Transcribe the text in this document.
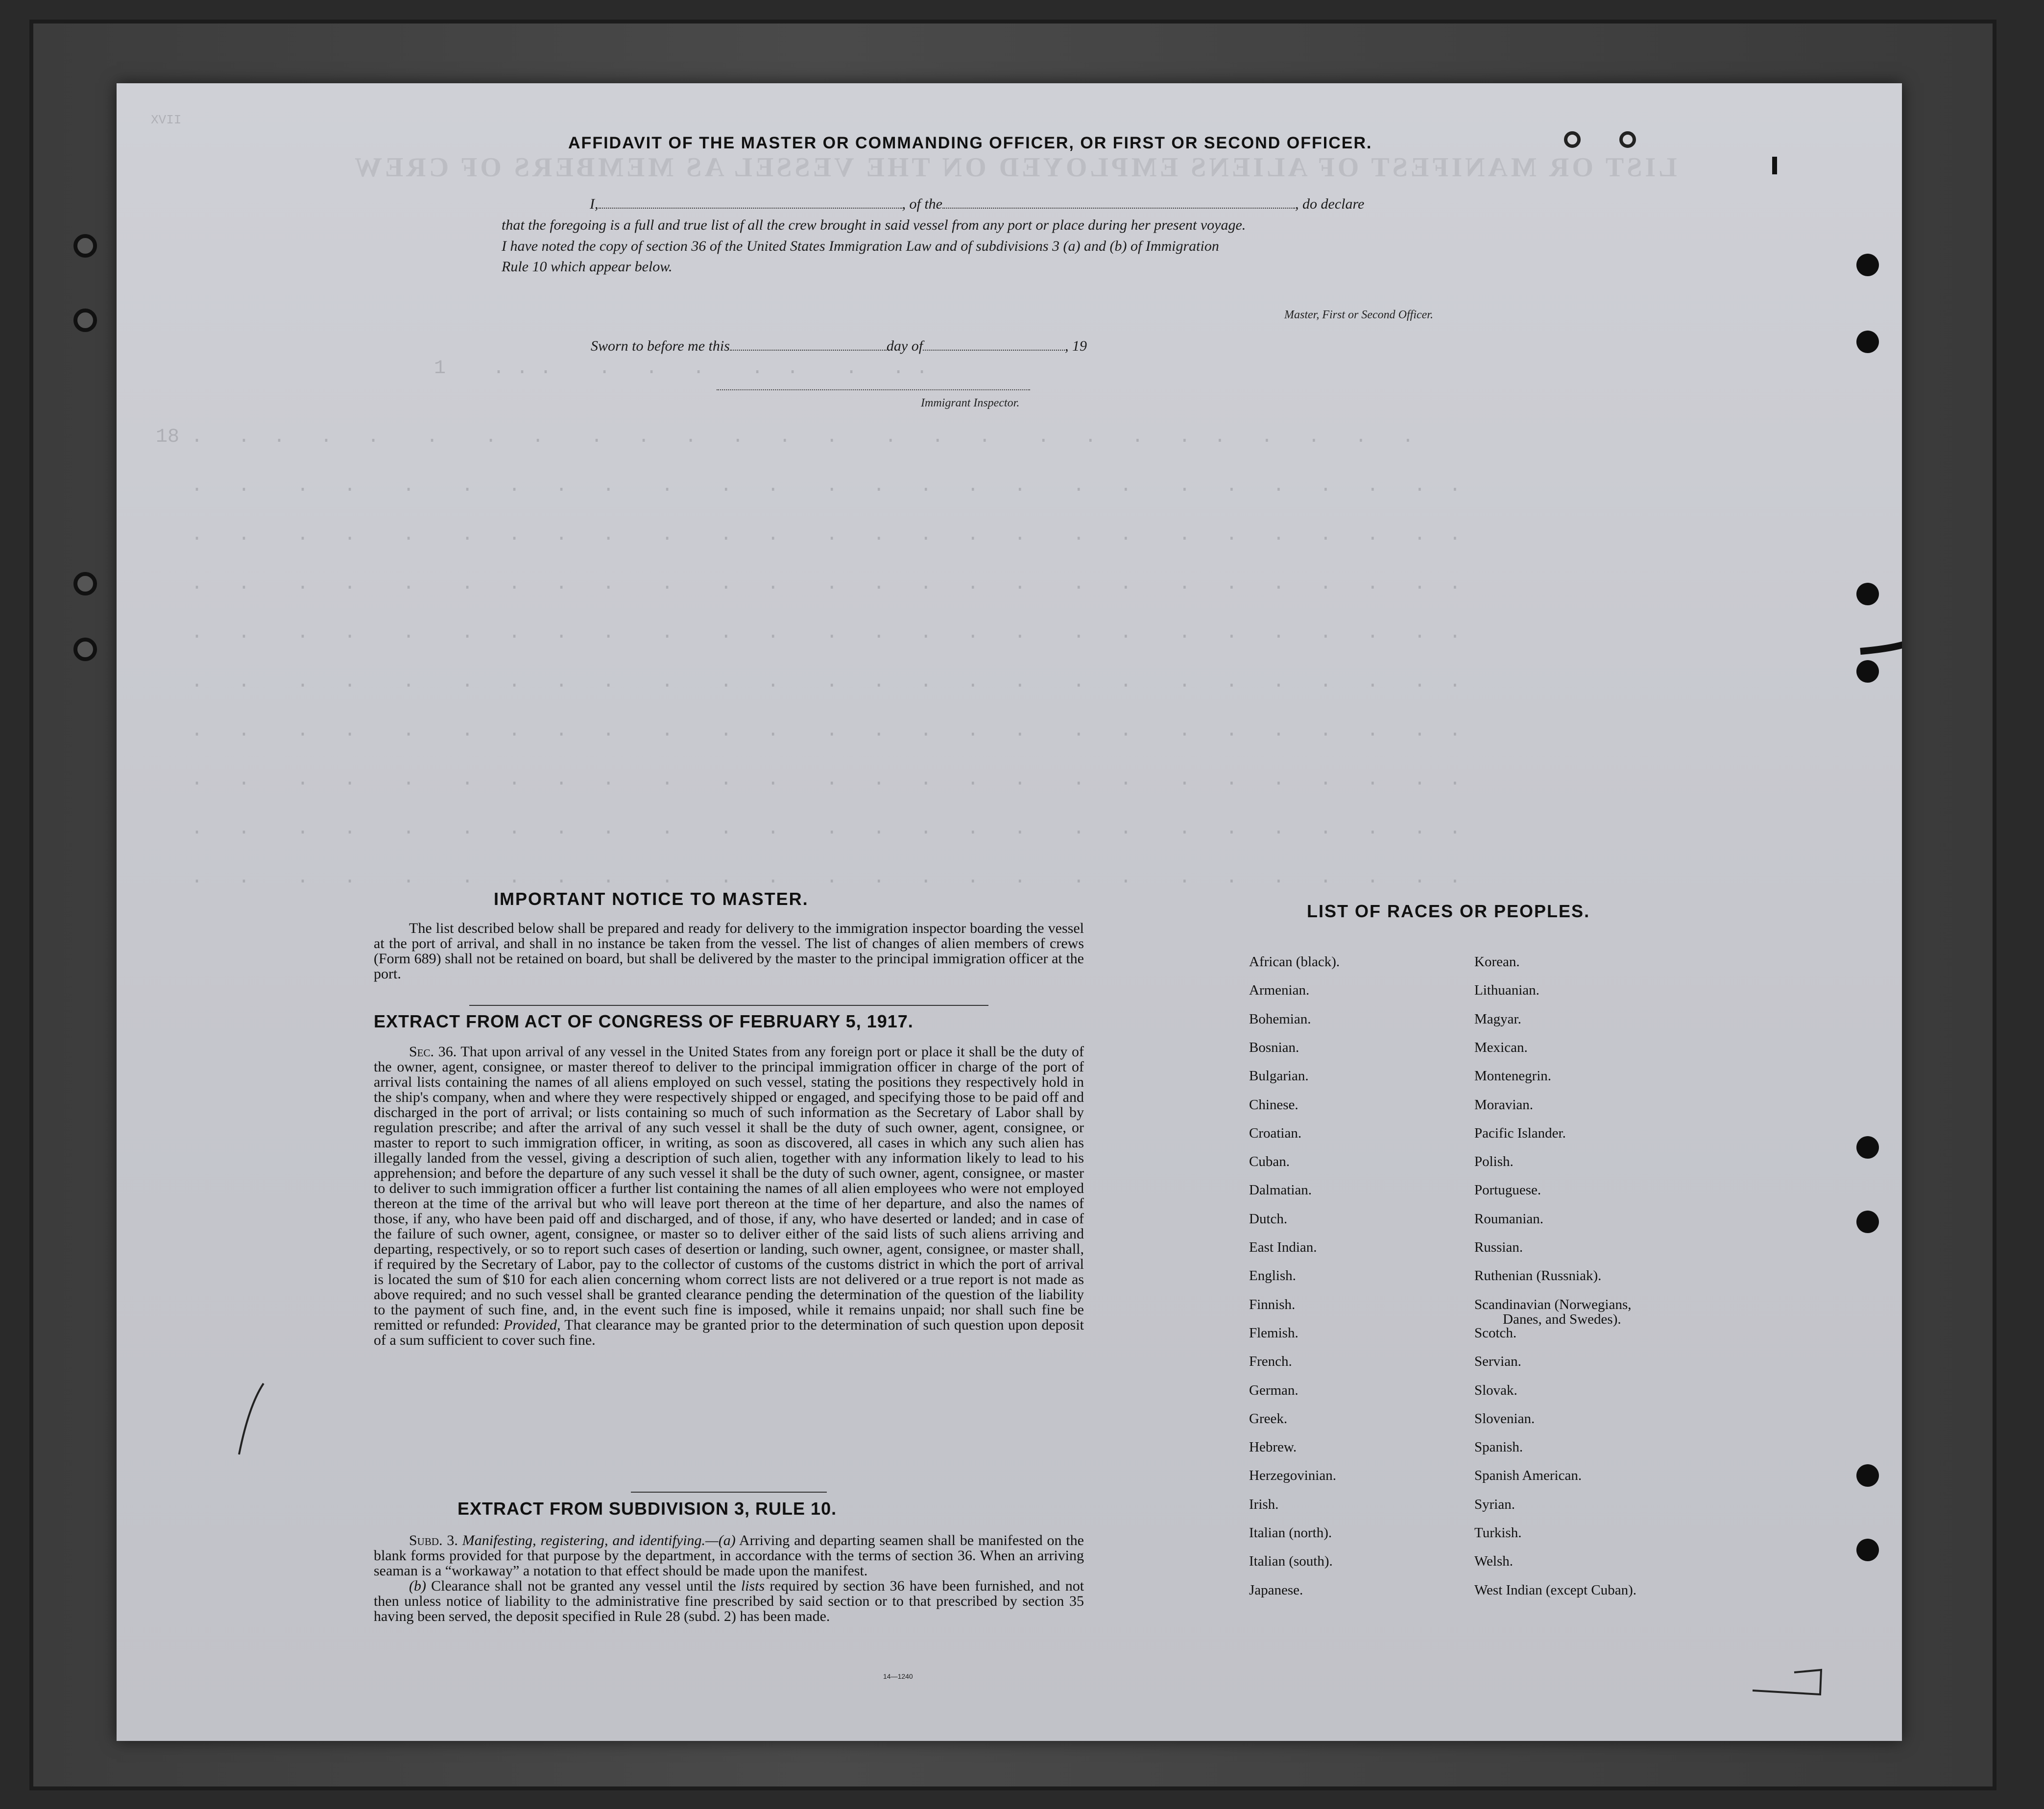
LIST OR MANIFEST OF ALIENS EMPLOYED ON THE VESSEL AS MEMBERS OF CREW
XVII
1    . . .    .   .   .    .  .    .   . .
18 .   .  .   .   .    .    .   .    .   .   .   .   .   .    .   .   .    .   .   .   .  .   .   .   .   .
.   .    .   .    .    .   .   .   .    .    .   .    .   .   .   .   .    .   .    .   .   .   .   .   .  .
.   .    .   .    .    .   .   .   .    .    .   .    .   .   .   .   .    .   .    .   .   .   .   .   .  .
.   .    .   .    .    .   .   .   .    .    .   .    .   .   .   .   .    .   .    .   .   .   .   .   .  .
.   .    .   .    .    .   .   .   .    .    .   .    .   .   .   .   .    .   .    .   .   .   .   .   .  .
.   .    .   .    .    .   .   .   .    .    .   .    .   .   .   .   .    .   .    .   .   .   .   .   .  .
.   .    .   .    .    .   .   .   .    .    .   .    .   .   .   .   .    .   .    .   .   .   .   .   .  .
.   .    .   .    .    .   .   .   .    .    .   .    .   .   .   .   .    .   .    .   .   .   .   .   .  .
.   .    .   .    .    .   .   .   .    .    .   .    .   .   .   .   .    .   .    .   .   .   .   .   .  .
.   .    .   .    .    .   .   .   .    .    .   .    .   .   .   .   .    .   .    .   .   .   .   .   .  .
AFFIDAVIT OF THE MASTER OR COMMANDING OFFICER, OR FIRST OR SECOND OFFICER.
I,	, of the	, do declare
that the foregoing is a full and true list of all the crew brought in said vessel from any port or place during her present voyage.
I have noted the copy of section 36 of the United States Immigration Law and of subdivisions 3 (a) and (b) of Immigration
Rule 10 which appear below.
Master, First or Second Officer.
Sworn to before me this	day of	, 19
Immigrant Inspector.
IMPORTANT NOTICE TO MASTER.

The list described below shall be prepared and ready for delivery to the immigration inspector boarding the vessel at the port of arrival, and shall in no instance be taken from the vessel. The list of changes of alien members of crews (Form 689) shall not be retained on board, but shall be delivered by the master to the principal immigration officer at the port.

EXTRACT FROM ACT OF CONGRESS OF FEBRUARY 5, 1917.

Sec. 36. That upon arrival of any vessel in the United States from any foreign port or place it shall be the duty of the owner, agent, consignee, or master thereof to deliver to the principal immigration officer in charge of the port of arrival lists containing the names of all aliens employed on such vessel, stating the positions they respectively hold in the ship's company, when and where they were respectively shipped or engaged, and specifying those to be paid off and discharged in the port of arrival; or lists containing so much of such information as the Secretary of Labor shall by regulation prescribe; and after the arrival of any such vessel it shall be the duty of such owner, agent, consignee, or master to report to such immigration officer, in writing, as soon as discovered, all cases in which any such alien has illegally landed from the vessel, giving a description of such alien, together with any information likely to lead to his apprehension; and before the departure of any such vessel it shall be the duty of such owner, agent, consignee, or master to deliver to such immigration officer a further list containing the names of all alien employees who were not employed thereon at the time of the arrival but who will leave port thereon at the time of her departure, and also the names of those, if any, who have been paid off and discharged, and of those, if any, who have deserted or landed; and in case of the failure of such owner, agent, consignee, or master so to deliver either of the said lists of such aliens arriving and departing, respectively, or so to report such cases of desertion or landing, such owner, agent, consignee, or master shall, if required by the Secretary of Labor, pay to the collector of customs of the customs district in which the port of arrival is located the sum of $10 for each alien concerning whom correct lists are not delivered or a true report is not made as above required; and no such vessel shall be granted clearance pending the determination of the question of the liability to the payment of such fine, and, in the event such fine is imposed, while it remains unpaid; nor shall such fine be remitted or refunded: Provided, That clearance may be granted prior to the determination of such question upon deposit of a sum sufficient to cover such fine.

EXTRACT FROM SUBDIVISION 3, RULE 10.

Subd. 3. Manifesting, registering, and identifying.—(a) Arriving and departing seamen shall be manifested on the blank forms provided for that purpose by the department, in accordance with the terms of section 36. When an arriving seaman is a “workaway” a notation to that effect should be made upon the manifest.

(b) Clearance shall not be granted any vessel until the lists required by section 36 have been furnished, and not then unless notice of liability to the administrative fine prescribed by said section or to that prescribed by section 35 having been served, the deposit specified in Rule 28 (subd. 2) has been made.

14—1240
LIST OF RACES OR PEOPLES.
African (black).
Armenian.
Bohemian.
Bosnian.
Bulgarian.
Chinese.
Croatian.
Cuban.
Dalmatian.
Dutch.
East Indian.
English.
Finnish.
Flemish.
French.
German.
Greek.
Hebrew.
Herzegovinian.
Irish.
Italian (north).
Italian (south).
Japanese.
Korean.
Lithuanian.
Magyar.
Mexican.
Montenegrin.
Moravian.
Pacific Islander.
Polish.
Portuguese.
Roumanian.
Russian.
Ruthenian (Russniak).
Scandinavian (Norwegians,
Danes, and Swedes).
Scotch.
Servian.
Slovak.
Slovenian.
Spanish.
Spanish American.
Syrian.
Turkish.
Welsh.
West Indian (except Cuban).
